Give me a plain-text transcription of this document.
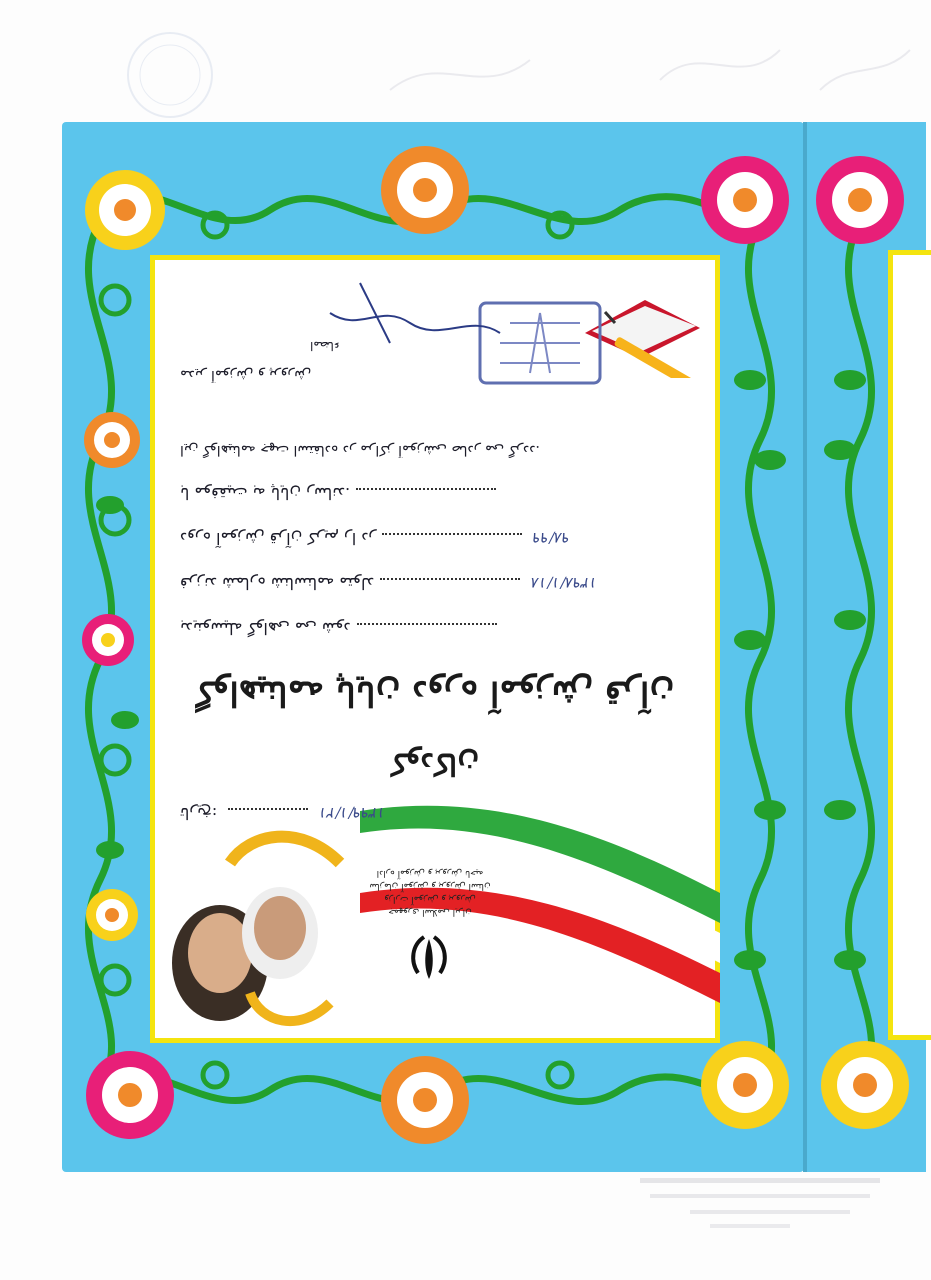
جمهوری اسلامی ایران
وزارت آموزش و پرورش
سازمان آموزش و پرورش استان
اداره آموزش و پرورش ناحیه
تاریخ:	۱۳۹۹/۱/۲۱
کودکان
گواهینامه پایان دوره آموزش قرآن
بدینوسیله گواهی می شود
فرزند شماره شناسنامه متولد	۱۳۹۸/۱/۱۸
دوره آموزش قرآن کریم را در	۹۸/۹۹
با موفقیت به پایان رساند.
این گواهینامه جهت استفاده در مراکز آموزشی صادر می گردد.
مدیر آموزش و پرورش
امضاء
